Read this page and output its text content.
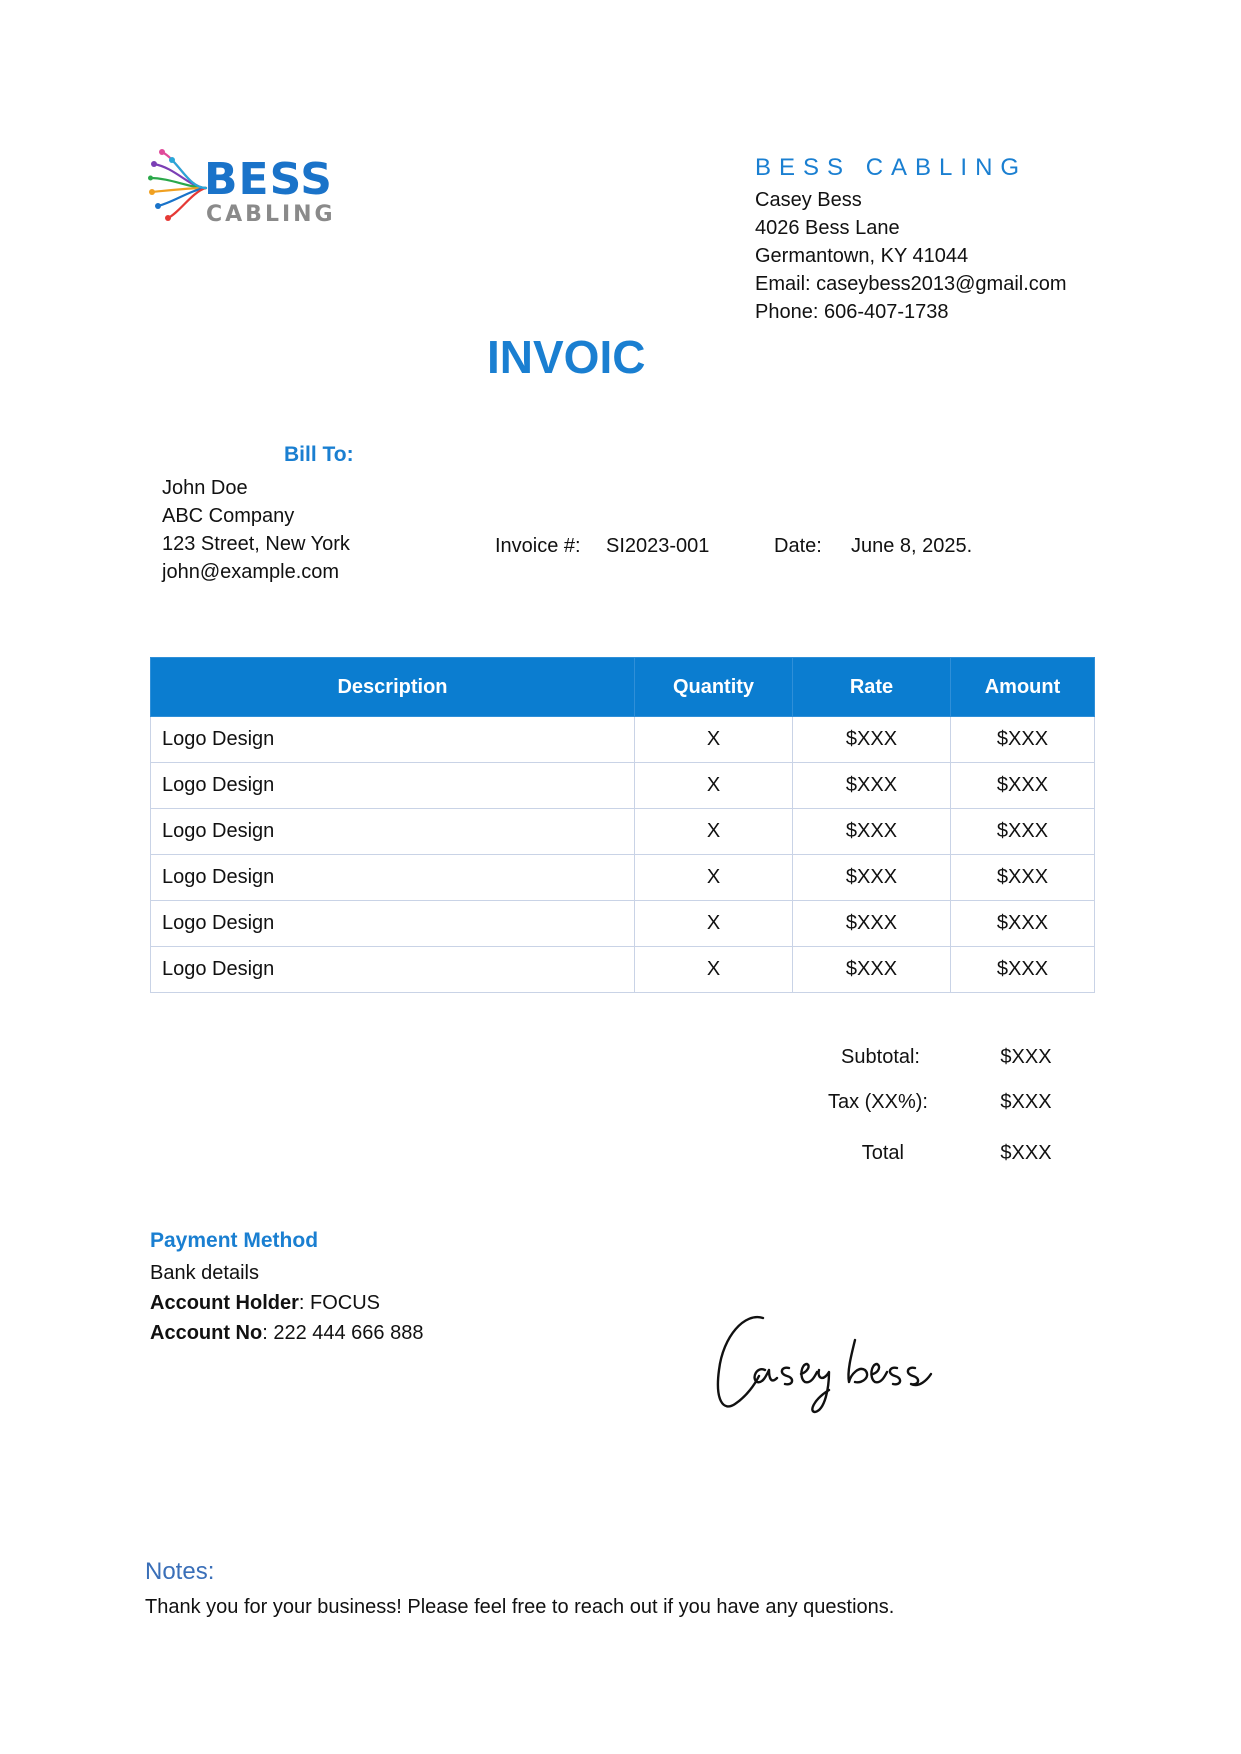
BESS
CABLING
BESS CABLING
Casey Bess
4026 Bess Lane
Germantown, KY 41044
Email: caseybess2013@gmail.com
Phone: 606-407-1738
INVOIC
Bill To:
John Doe
ABC Company
123 Street, New York
john@example.com
Invoice #: SI2023-001	Date: June 8, 2025.
Description	Quantity	Rate	Amount
Logo Design	X	$XXX	$XXX
Logo Design	X	$XXX	$XXX
Logo Design	X	$XXX	$XXX
Logo Design	X	$XXX	$XXX
Logo Design	X	$XXX	$XXX
Logo Design	X	$XXX	$XXX
Subtotal:	$XXX
Tax (XX%):	$XXX
Total	$XXX
Payment Method
Bank details
Account Holder: FOCUS
Account No: 222 444 666 888
Notes:
Thank you for your business! Please feel free to reach out if you have any questions.
